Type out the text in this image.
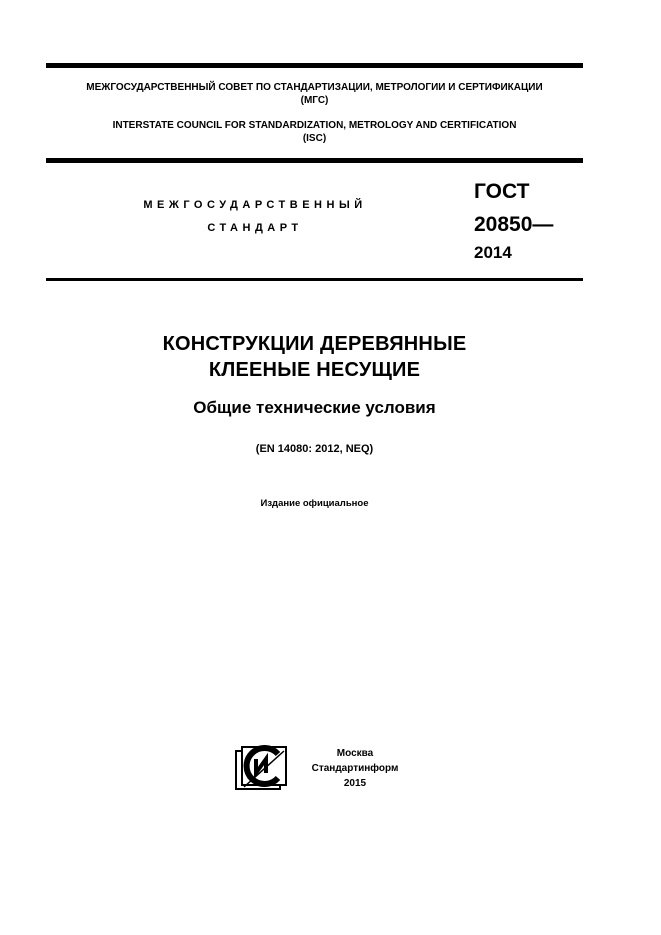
МЕЖГОСУДАРСТВЕННЫЙ СОВЕТ ПО СТАНДАРТИЗАЦИИ, МЕТРОЛОГИИ И СЕРТИФИКАЦИИ
(МГС)
INTERSTATE COUNCIL FOR STANDARDIZATION, METROLOGY AND CERTIFICATION
(ISC)
МЕЖГОСУДАРСТВЕННЫЙ
СТАНДАРТ
ГОСТ
20850—
2014
КОНСТРУКЦИИ ДЕРЕВЯННЫЕ
КЛЕЕНЫЕ НЕСУЩИЕ
Общие технические условия
(EN 14080: 2012, NEQ)
Издание официальное
Москва
Стандартинформ
2015
